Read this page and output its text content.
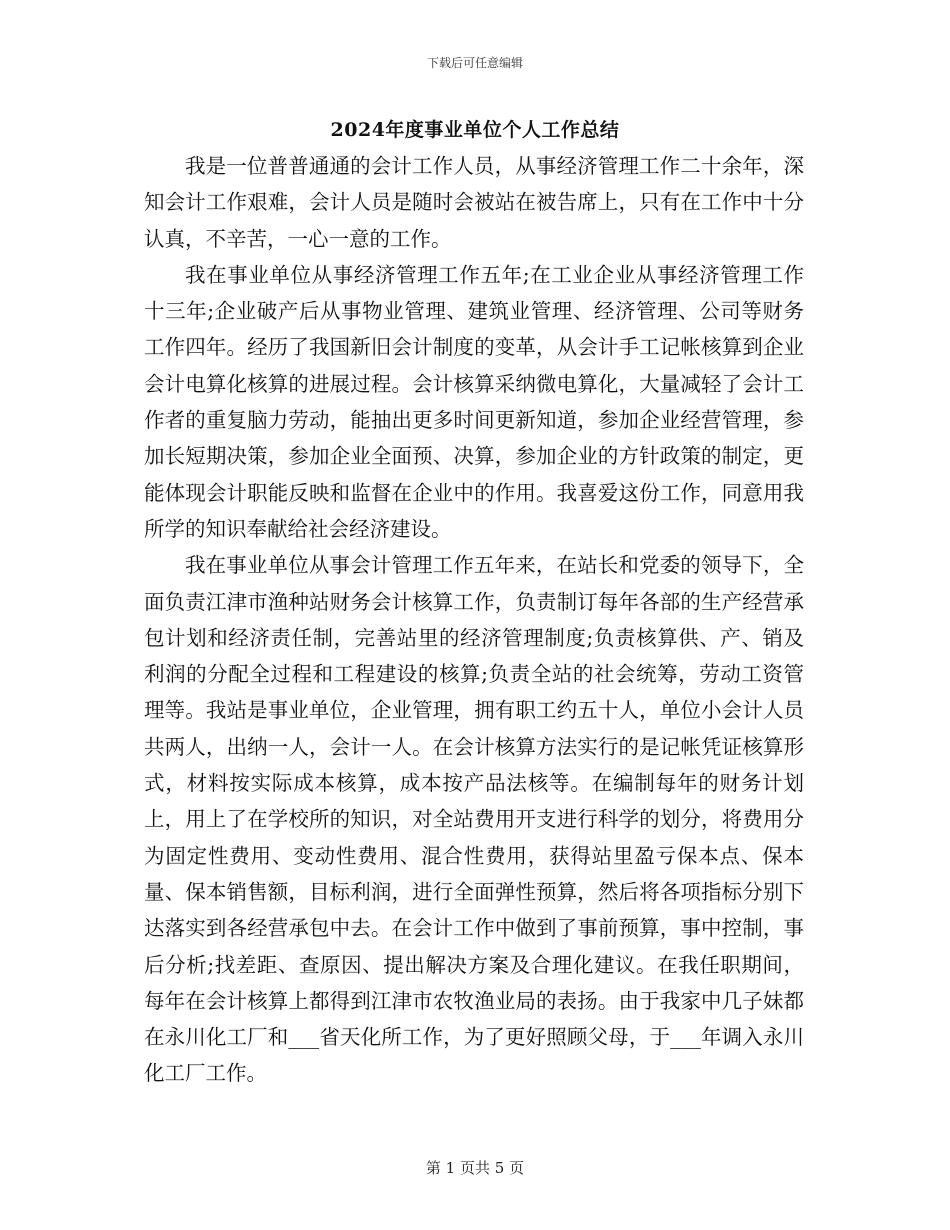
下载后可任意编辑
2024年度事业单位个人工作总结

我是一位普普通通的会计工作人员，从事经济管理工作二十余年，深知会计工作艰难，会计人员是随时会被站在被告席上，只有在工作中十分认真，不辛苦，一心一意的工作。

我在事业单位从事经济管理工作五年;在工业企业从事经济管理工作十三年;企业破产后从事物业管理、建筑业管理、经济管理、公司等财务工作四年。经历了我国新旧会计制度的变革，从会计手工记帐核算到企业会计电算化核算的进展过程。会计核算采纳微电算化，大量减轻了会计工作者的重复脑力劳动，能抽出更多时间更新知道，参加企业经营管理，参加长短期决策，参加企业全面预、决算，参加企业的方针政策的制定，更能体现会计职能反映和监督在企业中的作用。我喜爱这份工作，同意用我所学的知识奉献给社会经济建设。

我在事业单位从事会计管理工作五年来，在站长和党委的领导下，全面负责江津市渔种站财务会计核算工作，负责制订每年各部的生产经营承包计划和经济责任制，完善站里的经济管理制度;负责核算供、产、销及利润的分配全过程和工程建设的核算;负责全站的社会统筹，劳动工资管理等。我站是事业单位，企业管理，拥有职工约五十人，单位小会计人员共两人，出纳一人，会计一人。在会计核算方法实行的是记帐凭证核算形式，材料按实际成本核算，成本按产品法核等。在编制每年的财务计划上，用上了在学校所的知识，对全站费用开支进行科学的划分，将费用分为固定性费用、变动性费用、混合性费用，获得站里盈亏保本点、保本量、保本销售额，目标利润，进行全面弹性预算，然后将各项指标分别下达落实到各经营承包中去。在会计工作中做到了事前预算，事中控制，事后分析;找差距、查原因、提出解决方案及合理化建议。在我任职期间，每年在会计核算上都得到江津市农牧渔业局的表扬。由于我家中几子妹都在永川化工厂和___省天化所工作，为了更好照顾父母，于___年调入永川化工厂工作。

第 1 页共 5 页
